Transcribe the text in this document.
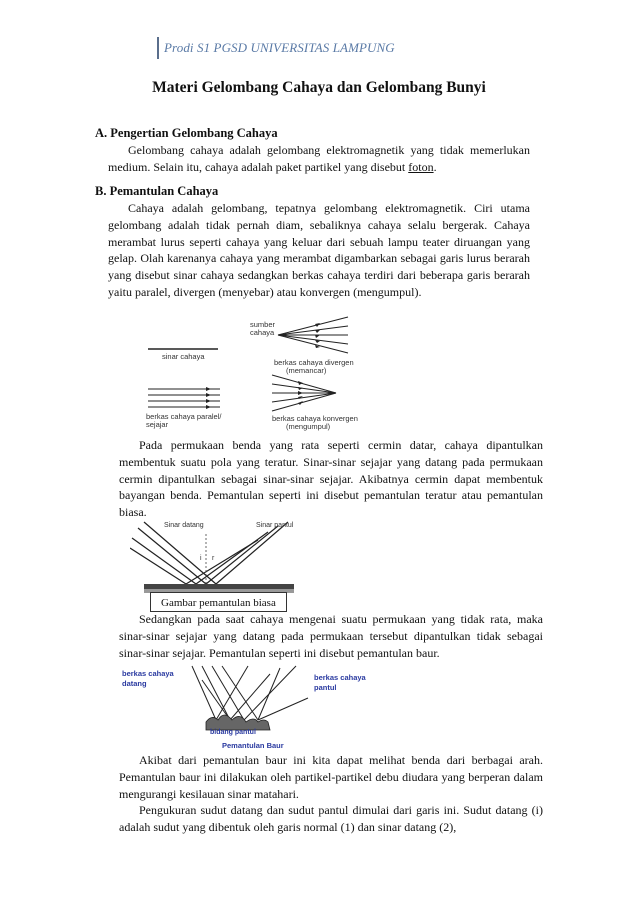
Prodi S1 PGSD UNIVERSITAS LAMPUNG
Materi Gelombang Cahaya dan Gelombang Bunyi
A. Pengertian Gelombang Cahaya

Gelombang cahaya adalah gelombang elektromagnetik yang tidak memerlukan medium. Selain itu, cahaya adalah paket partikel yang disebut foton.

B. Pemantulan Cahaya

Cahaya adalah gelombang, tepatnya gelombang elektromagnetik. Ciri utama gelombang adalah tidak pernah diam, sebaliknya cahaya selalu bergerak. Cahaya merambat lurus seperti cahaya yang keluar dari sebuah lampu teater diruangan yang gelap. Olah karenanya cahaya yang merambat digambarkan sebagai garis lurus berarah yang disebut sinar cahaya sedangkan berkas cahaya terdiri dari beberapa garis berarah yaitu paralel, divergen (menyebar) atau konvergen (mengumpul).

sinar cahaya
sumber
cahaya
berkas cahaya divergen
(memancar)
berkas cahaya paralel/
sejajar
berkas cahaya konvergen
(mengumpul)

Pada permukaan benda yang rata seperti cermin datar, cahaya dipantulkan membentuk suatu pola yang teratur. Sinar-sinar sejajar yang datang pada permukaan cermin dipantulkan sebagai sinar-sinar sejajar. Akibatnya cermin dapat membentuk bayangan benda. Pemantulan seperti ini disebut pemantulan teratur atau pemantulan biasa.

Sinar datang	Sinar pantul
i r
Gambar pemantulan biasa

Sedangkan pada saat cahaya mengenai suatu permukaan yang tidak rata, maka sinar-sinar sejajar yang datang pada permukaan tersebut dipantulkan tidak sebagai sinar-sinar sejajar. Pemantulan seperti ini disebut pemantulan baur.

berkas cahaya
datang
berkas cahaya
pantul
bidang pantul
Pemantulan Baur

Akibat dari pemantulan baur ini kita dapat melihat benda dari berbagai arah. Pemantulan baur ini dilakukan oleh partikel-partikel debu diudara yang berperan dalam mengurangi kesilauan sinar matahari.

Pengukuran sudut datang dan sudut pantul dimulai dari garis ini. Sudut datang (i) adalah sudut yang dibentuk oleh garis normal (1) dan sinar datang (2),
